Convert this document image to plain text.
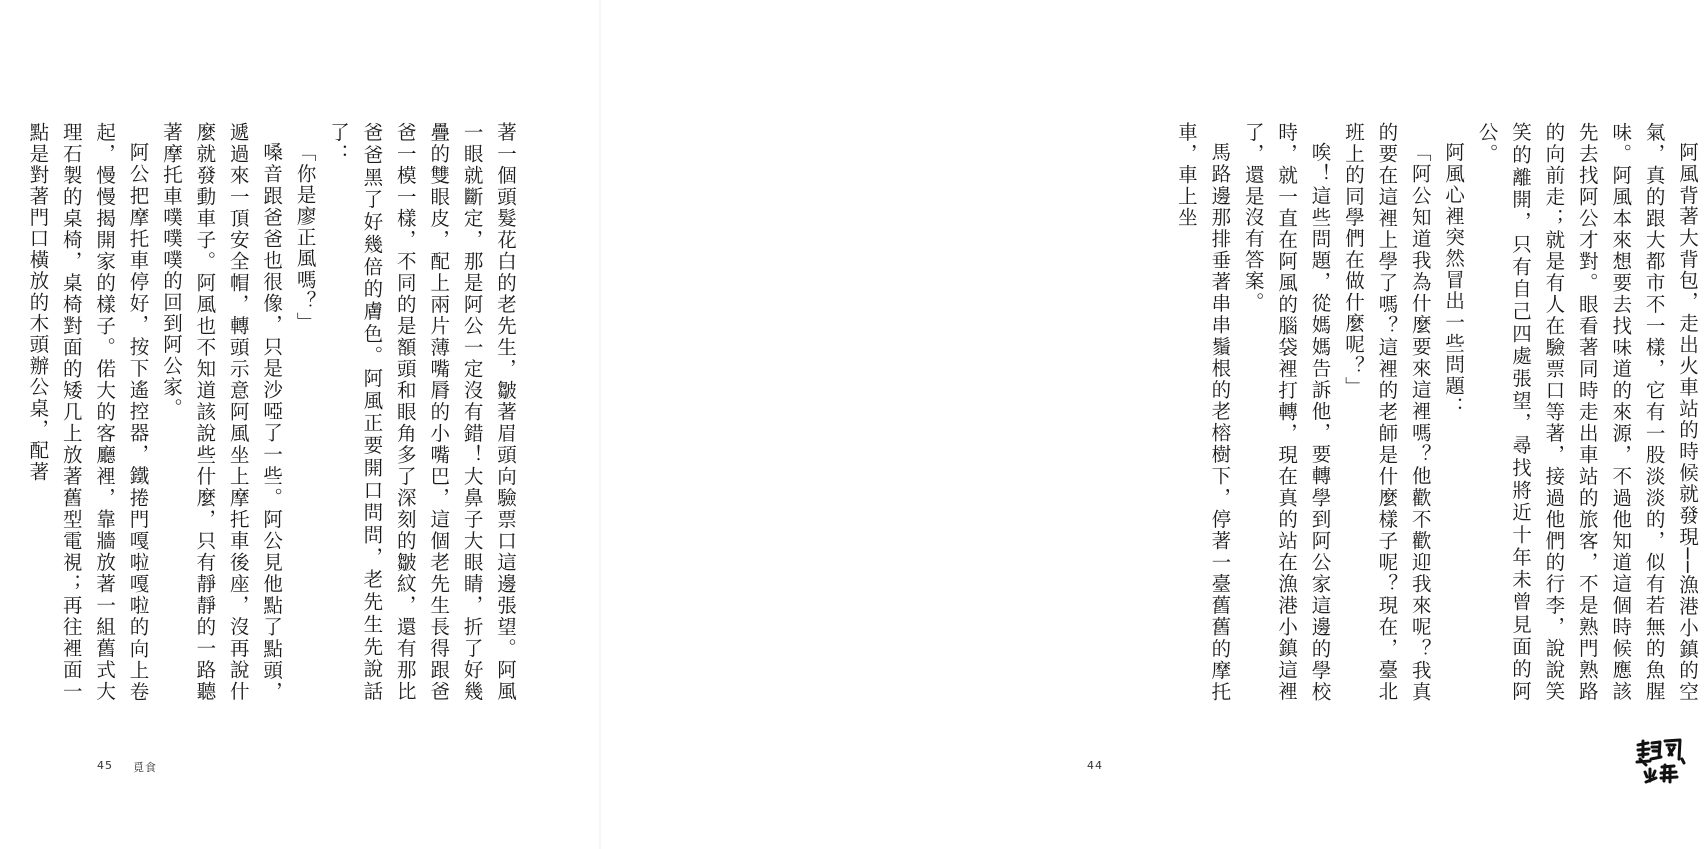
著一個頭髮花白的老先生，皺著眉頭向驗票口這邊張望。阿風一眼就斷定，那是阿公一定沒有錯！大鼻子大眼睛，折了好幾疊的雙眼皮，配上兩片薄嘴脣的小嘴巴，這個老先生長得跟爸爸一模一樣，不同的是額頭和眼角多了深刻的皺紋，還有那比爸爸黑了好幾倍的膚色。阿風正要開口問問，老先生先說話了：

「你是廖正風嗎？」

嗓音跟爸爸也很像，只是沙啞了一些。阿公見他點了點頭，遞過來一頂安全帽，轉頭示意阿風坐上摩托車後座，沒再說什麼就發動車子。阿風也不知道該說些什麼，只有靜靜的一路聽著摩托車噗噗噗的回到阿公家。

阿公把摩托車停好，按下遙控器，鐵捲門嘎啦嘎啦的向上卷起，慢慢揭開家的樣子。偌大的客廳裡，靠牆放著一組舊式大理石製的桌椅，桌椅對面的矮几上放著舊型電視；再往裡面一點是對著門口橫放的木頭辦公桌，配著

45 覓食

阿風背著大背包，走出火車站的時候就發現──漁港小鎮的空氣，真的跟大都市不一樣，它有一股淡淡的，似有若無的魚腥味。阿風本來想要去找味道的來源，不過他知道這個時候應該先去找阿公才對。眼看著同時走出車站的旅客，不是熟門熟路的向前走；就是有人在驗票口等著，接過他們的行李，說說笑笑的離開，只有自己四處張望，尋找將近十年未曾見面的阿公。

阿風心裡突然冒出一些問題：

「阿公知道我為什麼要來這裡嗎？他歡不歡迎我來呢？我真的要在這裡上學了嗎？這裡的老師是什麼樣子呢？現在，臺北班上的同學們在做什麼呢？」

唉！這些問題，從媽媽告訴他，要轉學到阿公家這邊的學校時，就一直在阿風的腦袋裡打轉，現在真的站在漁港小鎮這裡了，還是沒有答案。

馬路邊那排垂著串串鬚根的老榕樹下，停著一臺舊舊的摩托車，車上坐

44
